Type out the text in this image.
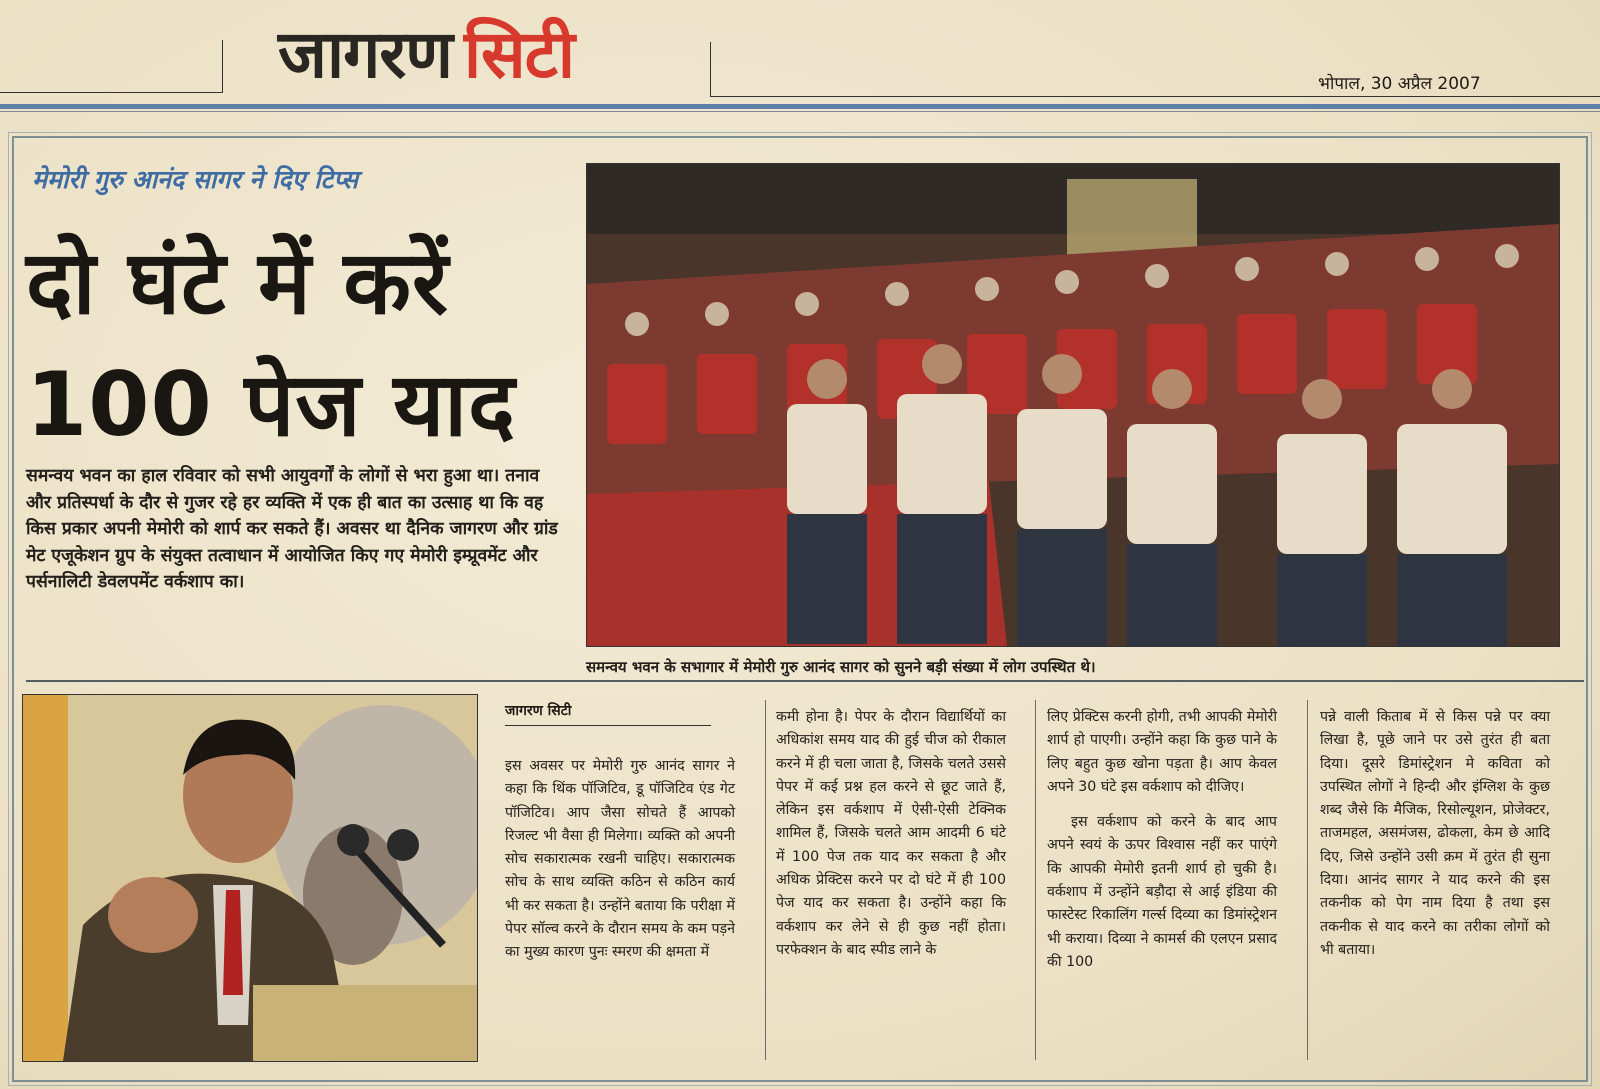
जागरण सिटी	भोपाल, 30 अप्रैल 2007
मेमोरी गुरु आनंद सागर ने दिए टिप्स
दो घंटे में करें
100 पेज याद
समन्वय भवन का हाल रविवार को सभी आयुवर्गों के लोगों से भरा हुआ था। तनाव और प्रतिस्पर्धा के दौर से गुजर रहे हर व्यक्ति में एक ही बात का उत्साह था कि वह किस प्रकार अपनी मेमोरी को शार्प कर सकते हैं। अवसर था दैनिक जागरण और ग्रांड मेट एजूकेशन ग्रुप के संयुक्त तत्वाधान में आयोजित किए गए मेमोरी इम्प्रूवमेंट और पर्सनालिटी डेवलपमेंट वर्कशाप का।
समन्वय भवन के सभागार में मेमोरी गुरु आनंद सागर को सुनने बड़ी संख्या में लोग उपस्थित थे।
जागरण सिटी

इस अवसर पर मेमोरी गुरु आनंद सागर ने कहा कि थिंक पॉजिटिव, डू पॉजिटिव एंड गेट पॉजिटिव। आप जैसा सोचते हैं आपको रिजल्ट भी वैसा ही मिलेगा। व्यक्ति को अपनी सोच सकारात्मक रखनी चाहिए। सकारात्मक सोच के साथ व्यक्ति कठिन से कठिन कार्य भी कर सकता है। उन्होंने बताया कि परीक्षा में पेपर सॉल्व करने के दौरान समय के कम पड़ने का मुख्य कारण पुनः स्मरण की क्षमता में

कमी होना है। पेपर के दौरान विद्यार्थियों का अधिकांश समय याद की हुई चीज को रीकाल करने में ही चला जाता है, जिसके चलते उससे पेपर में कई प्रश्न हल करने से छूट जाते हैं, लेकिन इस वर्कशाप में ऐसी-ऐसी टेक्निक शामिल हैं, जिसके चलते आम आदमी 6 घंटे में 100 पेज तक याद कर सकता है और अधिक प्रेक्टिस करने पर दो घंटे में ही 100 पेज याद कर सकता है। उन्होंने कहा कि वर्कशाप कर लेने से ही कुछ नहीं होता। परफेक्शन के बाद स्पीड लाने के

लिए प्रेक्टिस करनी होगी, तभी आपकी मेमोरी शार्प हो पाएगी। उन्होंने कहा कि कुछ पाने के लिए बहुत कुछ खोना पड़ता है। आप केवल अपने 30 घंटे इस वर्कशाप को दीजिए।

इस वर्कशाप को करने के बाद आप अपने स्वयं के ऊपर विश्वास नहीं कर पाएंगे कि आपकी मेमोरी इतनी शार्प हो चुकी है। वर्कशाप में उन्होंने बड़ौदा से आई इंडिया की फास्टेस्ट रिकालिंग गर्ल्स दिव्या का डिमांस्ट्रेशन भी कराया। दिव्या ने कामर्स की एलएन प्रसाद की 100

पन्ने वाली किताब में से किस पन्ने पर क्या लिखा है, पूछे जाने पर उसे तुरंत ही बता दिया। दूसरे डिमांस्ट्रेशन मे कविता को उपस्थित लोगों ने हिन्दी और इंग्लिश के कुछ शब्द जैसे कि मैजिक, रिसोल्यूशन, प्रोजेक्टर, ताजमहल, असमंजस, ढोकला, केम छे आदि दिए, जिसे उन्होंने उसी क्रम में तुरंत ही सुना दिया। आनंद सागर ने याद करने की इस तकनीक को पेग नाम दिया है तथा इस तकनीक से याद करने का तरीका लोगों को भी बताया।
